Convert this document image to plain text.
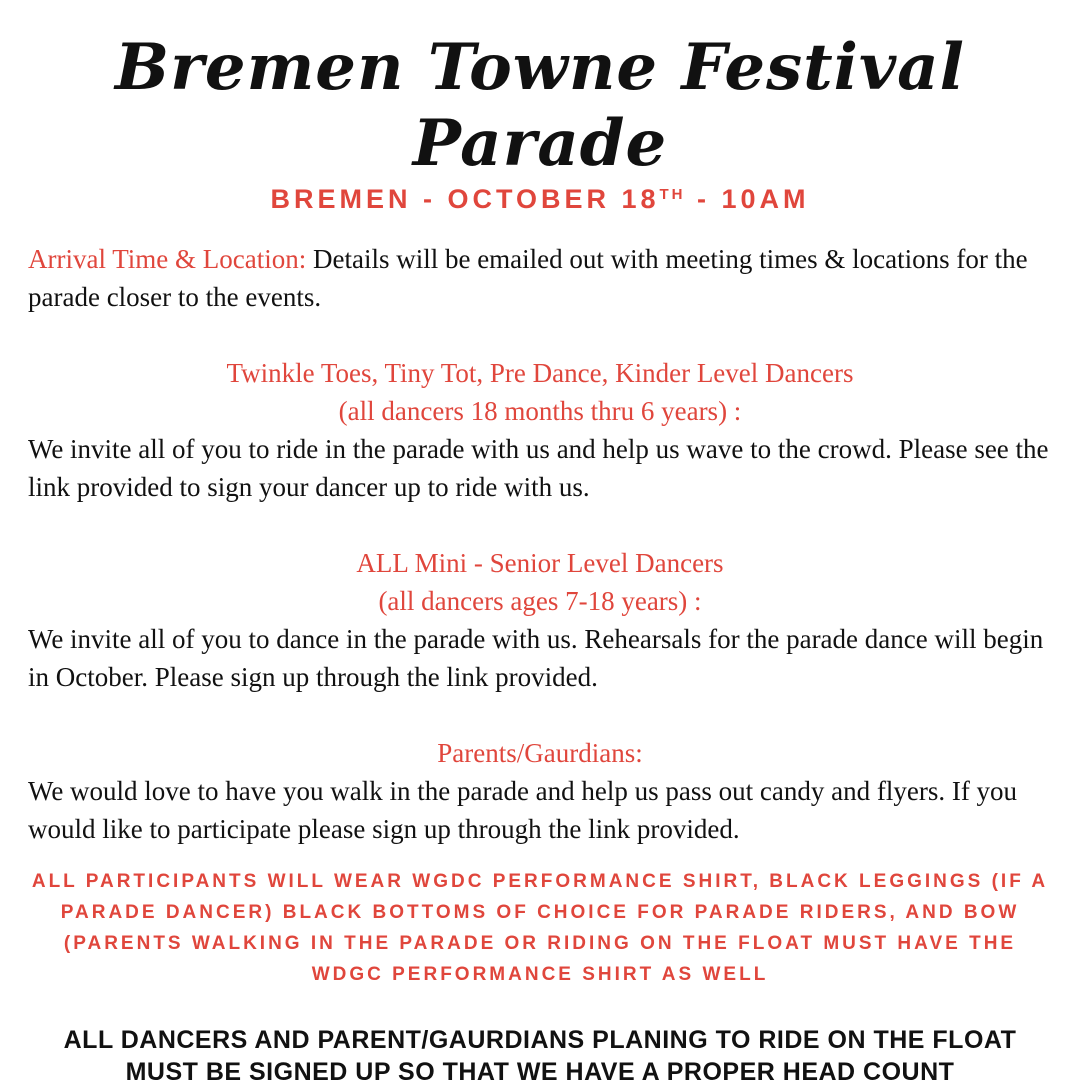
Bremen Towne Festival Parade

BREMEN - OCTOBER 18TH - 10AM

Arrival Time & Location: Details will be emailed out with meeting times & locations for the parade closer to the events.

Twinkle Toes, Tiny Tot, Pre Dance, Kinder Level Dancers

(all dancers 18 months thru 6 years) :

We invite all of you to ride in the parade with us and help us wave to the crowd. Please see the link provided to sign your dancer up to ride with us.

ALL Mini - Senior Level Dancers

(all dancers ages 7-18 years) :

We invite all of you to dance in the parade with us. Rehearsals for the parade dance will begin in October. Please sign up through the link provided.

Parents/Gaurdians:

We would love to have you walk in the parade and help us pass out candy and flyers. If you would like to participate please sign up through the link provided.

ALL PARTICIPANTS WILL WEAR WGDC PERFORMANCE SHIRT, BLACK LEGGINGS (IF A PARADE DANCER) BLACK BOTTOMS OF CHOICE FOR PARADE RIDERS, AND BOW (PARENTS WALKING IN THE PARADE OR RIDING ON THE FLOAT MUST HAVE THE WDGC PERFORMANCE SHIRT AS WELL

ALL DANCERS AND PARENT/GAURDIANS PLANING TO RIDE ON THE FLOAT MUST BE SIGNED UP SO THAT WE HAVE A PROPER HEAD COUNT
